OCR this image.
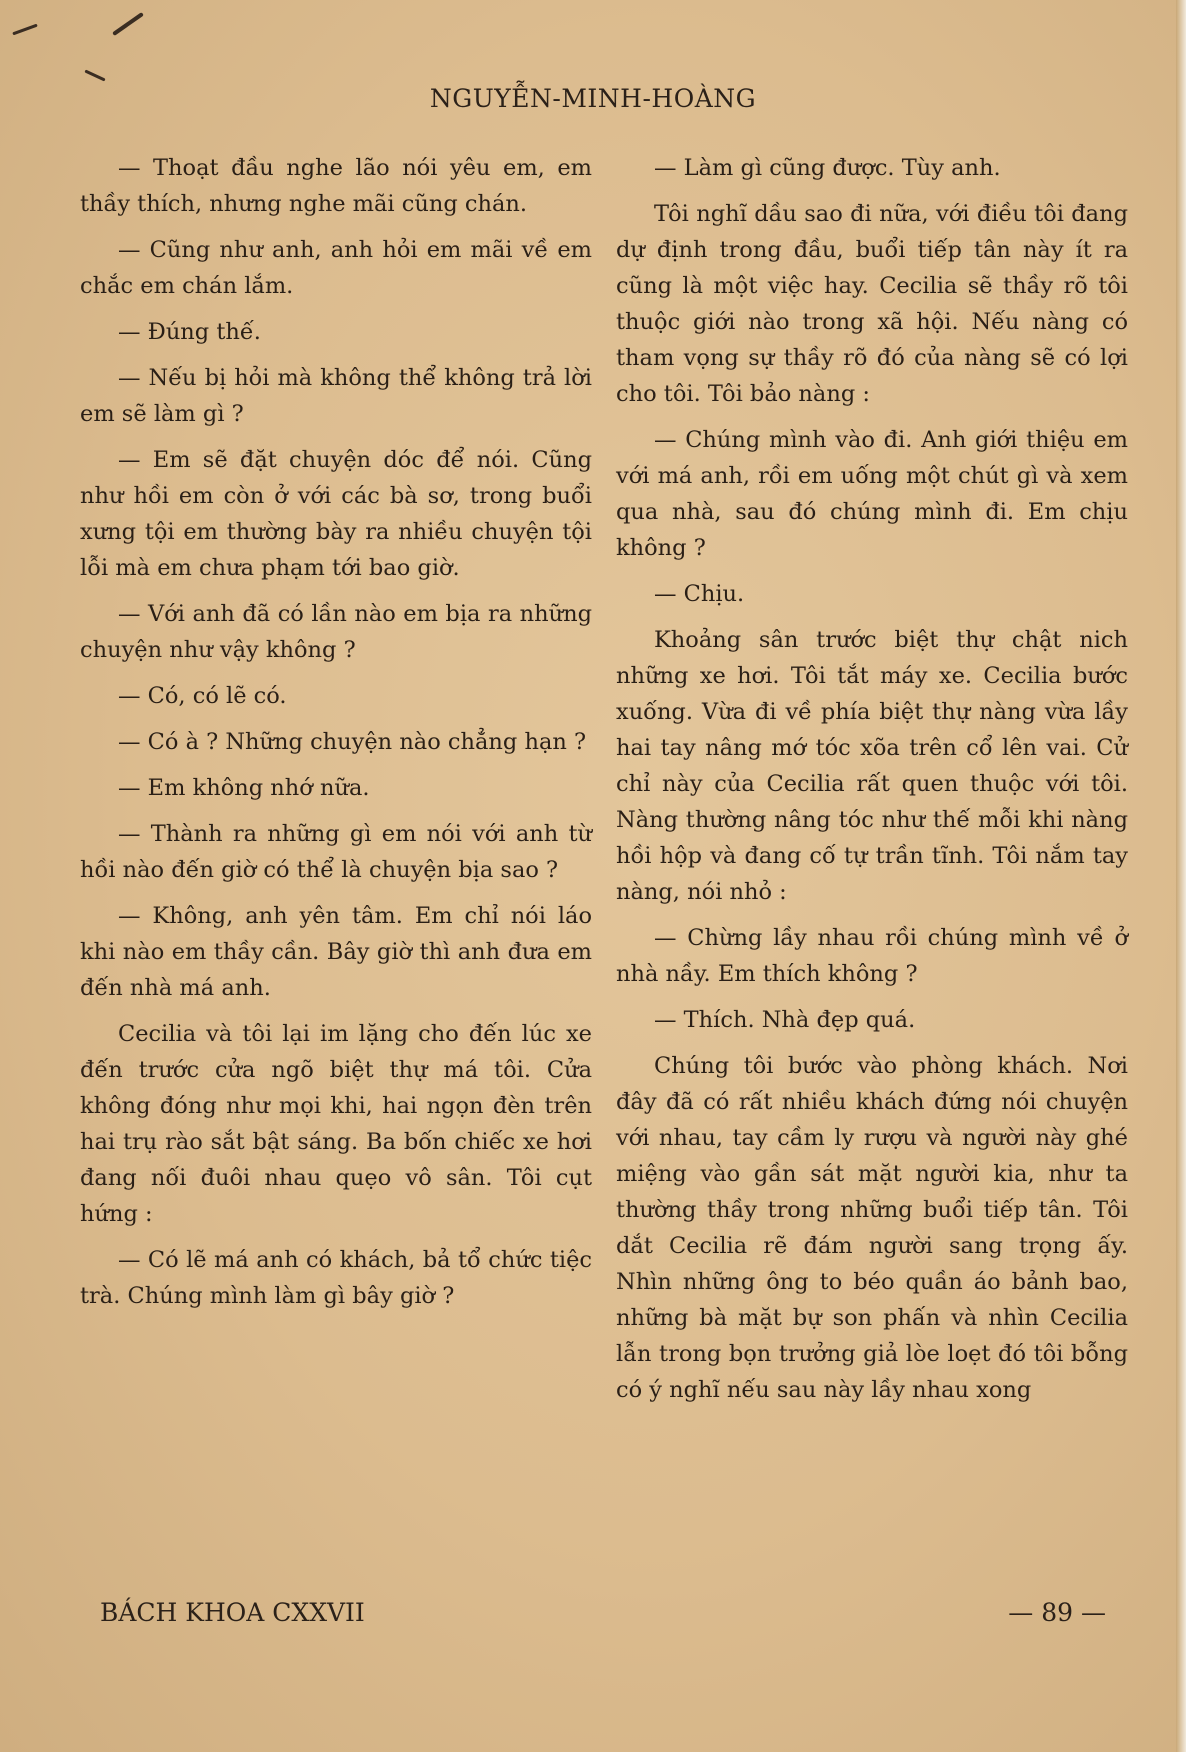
NGUYỄN-MINH-HOÀNG

— Thoạt đầu nghe lão nói yêu em, em thầy thích, nhưng nghe mãi cũng chán.

— Cũng như anh, anh hỏi em mãi về em chắc em chán lắm.

— Đúng thế.

— Nếu bị hỏi mà không thể không trả lời em sẽ làm gì ?

— Em sẽ đặt chuyện dóc để nói. Cũng như hồi em còn ở với các bà sơ, trong buổi xưng tội em thường bày ra nhiều chuyện tội lỗi mà em chưa phạm tới bao giờ.

— Với anh đã có lần nào em bịa ra những chuyện như vậy không ?

— Có, có lẽ có.

— Có à ? Những chuyện nào chẳng hạn ?

— Em không nhớ nữa.

— Thành ra những gì em nói với anh từ hồi nào đến giờ có thể là chuyện bịa sao ?

— Không, anh yên tâm. Em chỉ nói láo khi nào em thầy cần. Bây giờ thì anh đưa em đến nhà má anh.

Cecilia và tôi lại im lặng cho đến lúc xe đến trước cửa ngõ biệt thự má tôi. Cửa không đóng như mọi khi, hai ngọn đèn trên hai trụ rào sắt bật sáng. Ba bốn chiếc xe hơi đang nối đuôi nhau quẹo vô sân. Tôi cụt hứng :

— Có lẽ má anh có khách, bả tổ chức tiệc trà. Chúng mình làm gì bây giờ ?

— Làm gì cũng được. Tùy anh.

Tôi nghĩ dầu sao đi nữa, với điều tôi đang dự định trong đầu, buổi tiếp tân này ít ra cũng là một việc hay. Cecilia sẽ thầy rõ tôi thuộc giới nào trong xã hội. Nếu nàng có tham vọng sự thầy rõ đó của nàng sẽ có lợi cho tôi. Tôi bảo nàng :

— Chúng mình vào đi. Anh giới thiệu em với má anh, rồi em uống một chút gì và xem qua nhà, sau đó chúng mình đi. Em chịu không ?

— Chịu.

Khoảng sân trước biệt thự chật nich những xe hơi. Tôi tắt máy xe. Cecilia bước xuống. Vừa đi về phía biệt thự nàng vừa lầy hai tay nâng mớ tóc xõa trên cổ lên vai. Cử chỉ này của Cecilia rất quen thuộc với tôi. Nàng thường nâng tóc như thế mỗi khi nàng hồi hộp và đang cố tự trần tĩnh. Tôi nắm tay nàng, nói nhỏ :

— Chừng lầy nhau rồi chúng mình về ở nhà nầy. Em thích không ?

— Thích. Nhà đẹp quá.

Chúng tôi bước vào phòng khách. Nơi đây đã có rất nhiều khách đứng nói chuyện với nhau, tay cầm ly rượu và người này ghé miệng vào gần sát mặt người kia, như ta thường thầy trong những buổi tiếp tân. Tôi dắt Cecilia rẽ đám người sang trọng ấy. Nhìn những ông to béo quần áo bảnh bao, những bà mặt bự son phấn và nhìn Cecilia lẫn trong bọn trưởng giả lòe loẹt đó tôi bỗng có ý nghĩ nếu sau này lầy nhau xong

BÁCH KHOA CXXVII	— 89 —
